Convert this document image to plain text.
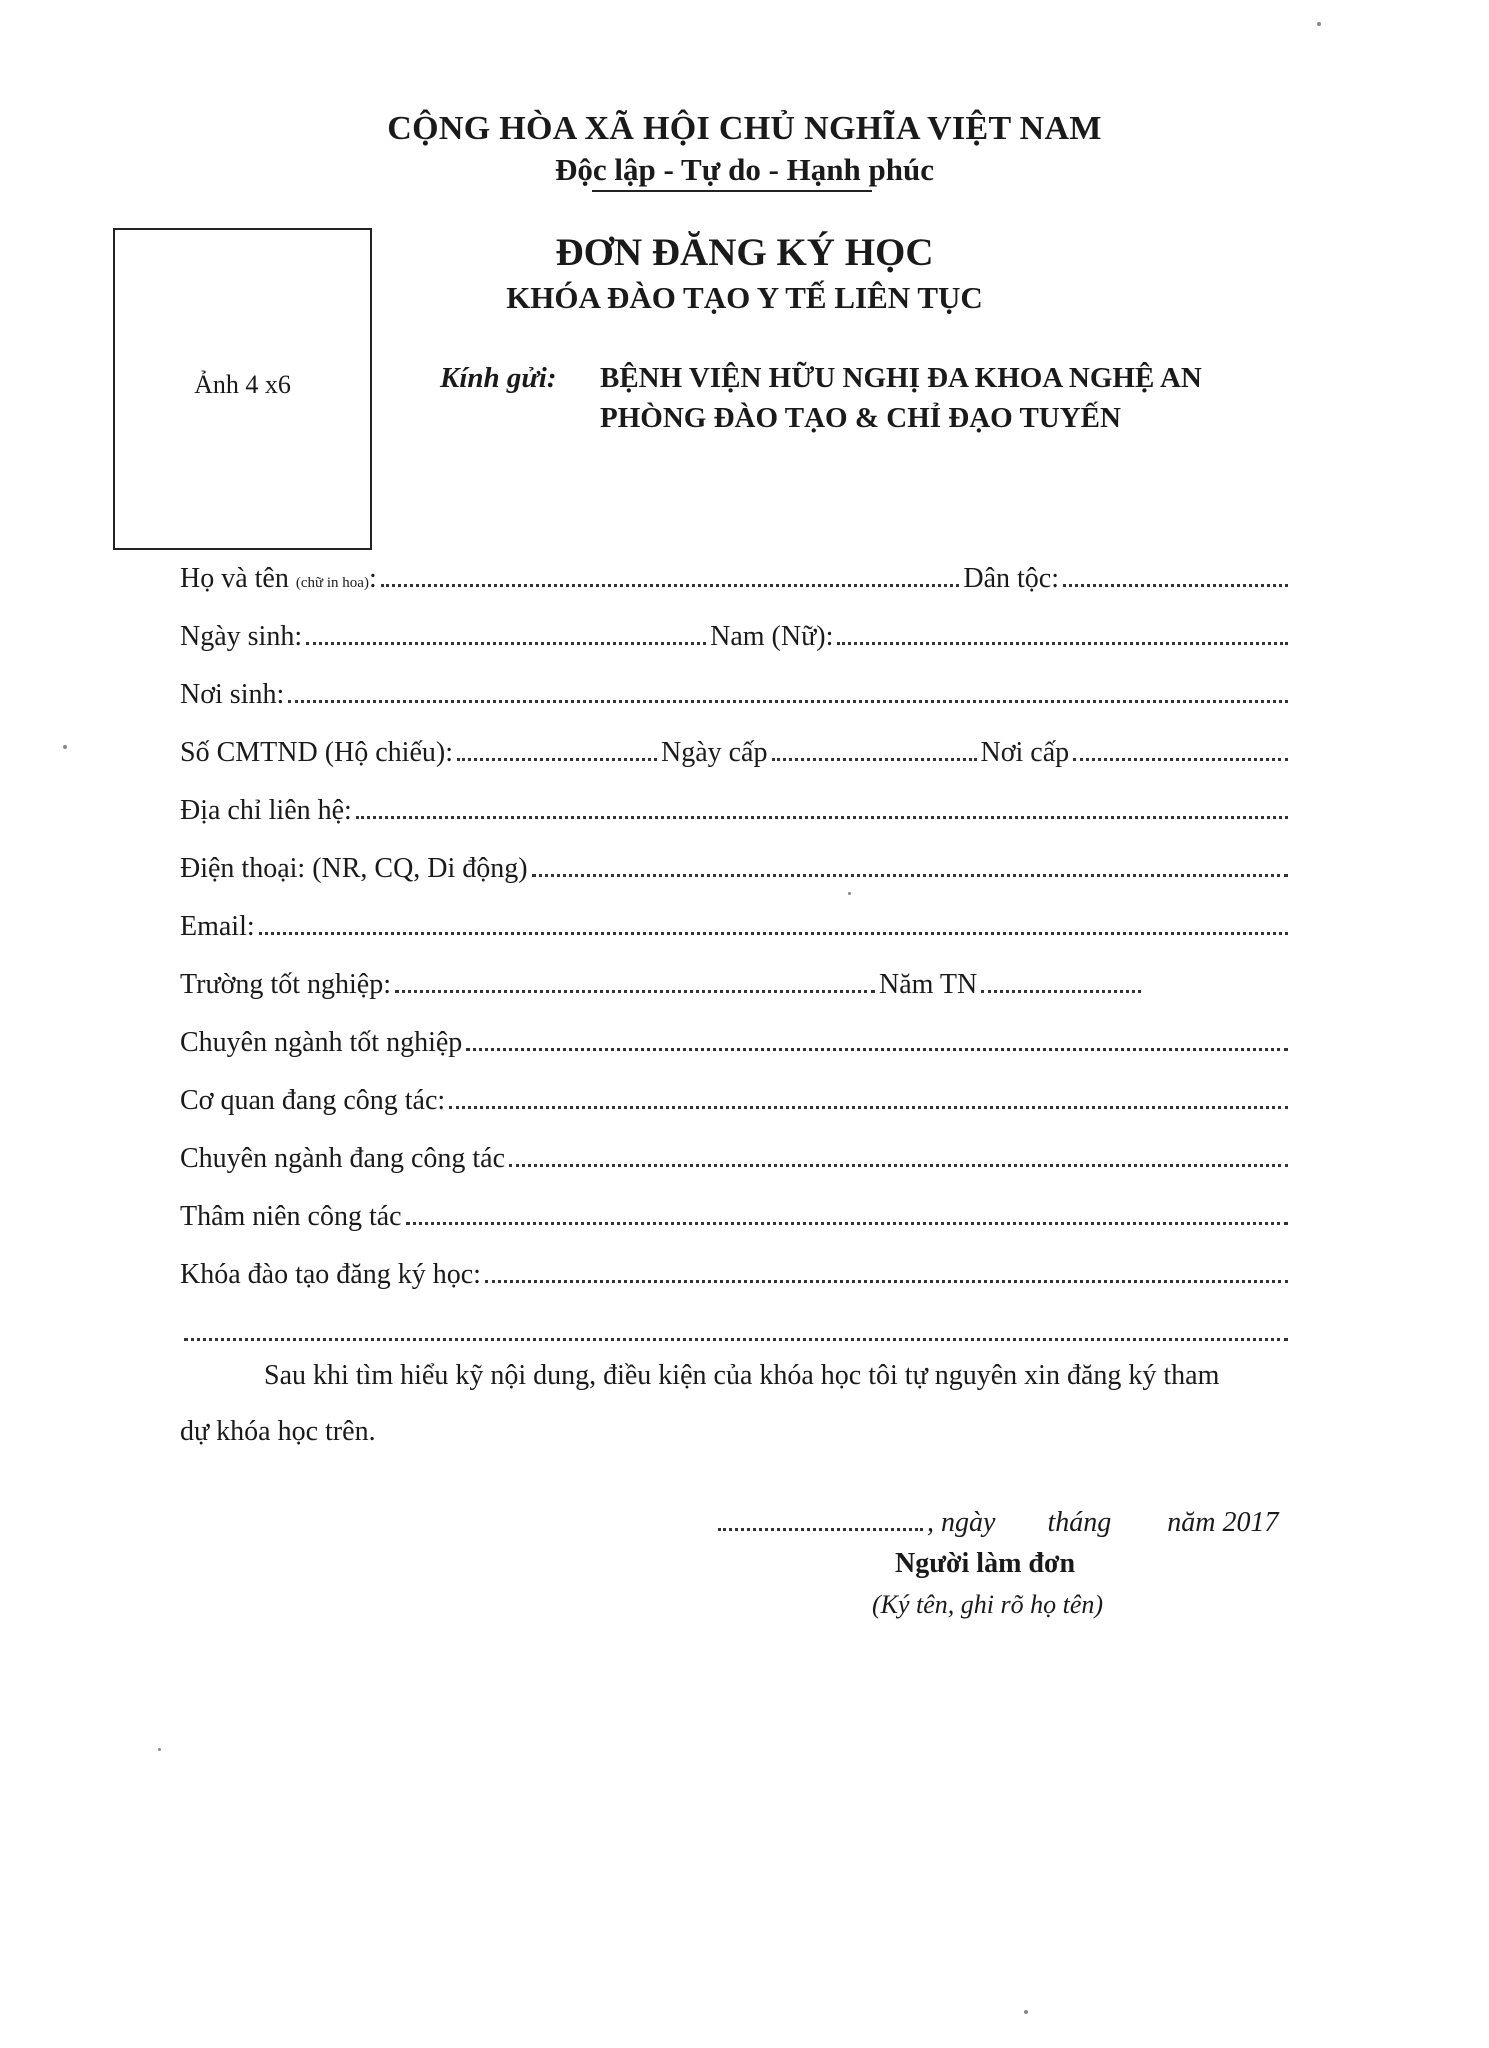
CỘNG HÒA XÃ HỘI CHỦ NGHĨA VIỆT NAM
Độc lập - Tự do - Hạnh phúc
ĐƠN ĐĂNG KÝ HỌC
KHÓA ĐÀO TẠO Y TẾ LIÊN TỤC
Ảnh 4 x6	Kính gửi: BỆNH VIỆN HỮU NGHỊ ĐA KHOA NGHỆ AN
PHÒNG ĐÀO TẠO & CHỈ ĐẠO TUYẾN
Họ và tên (chữ in hoa):	Dân tộc:
Ngày sinh:	Nam (Nữ):
Nơi sinh:
Số CMTND (Hộ chiếu):	Ngày cấp	Nơi cấp
Địa chỉ liên hệ:
Điện thoại: (NR, CQ, Di động)
Email:
Trường tốt nghiệp:	Năm TN
Chuyên ngành tốt nghiệp
Cơ quan đang công tác:
Chuyên ngành đang công tác
Thâm niên công tác
Khóa đào tạo đăng ký học:
Sau khi tìm hiểu kỹ nội dung, điều kiện của khóa học tôi tự nguyên xin đăng ký tham
dự khóa học trên.
, ngày tháng năm 2017
Người làm đơn
(Ký tên, ghi rõ họ tên)
